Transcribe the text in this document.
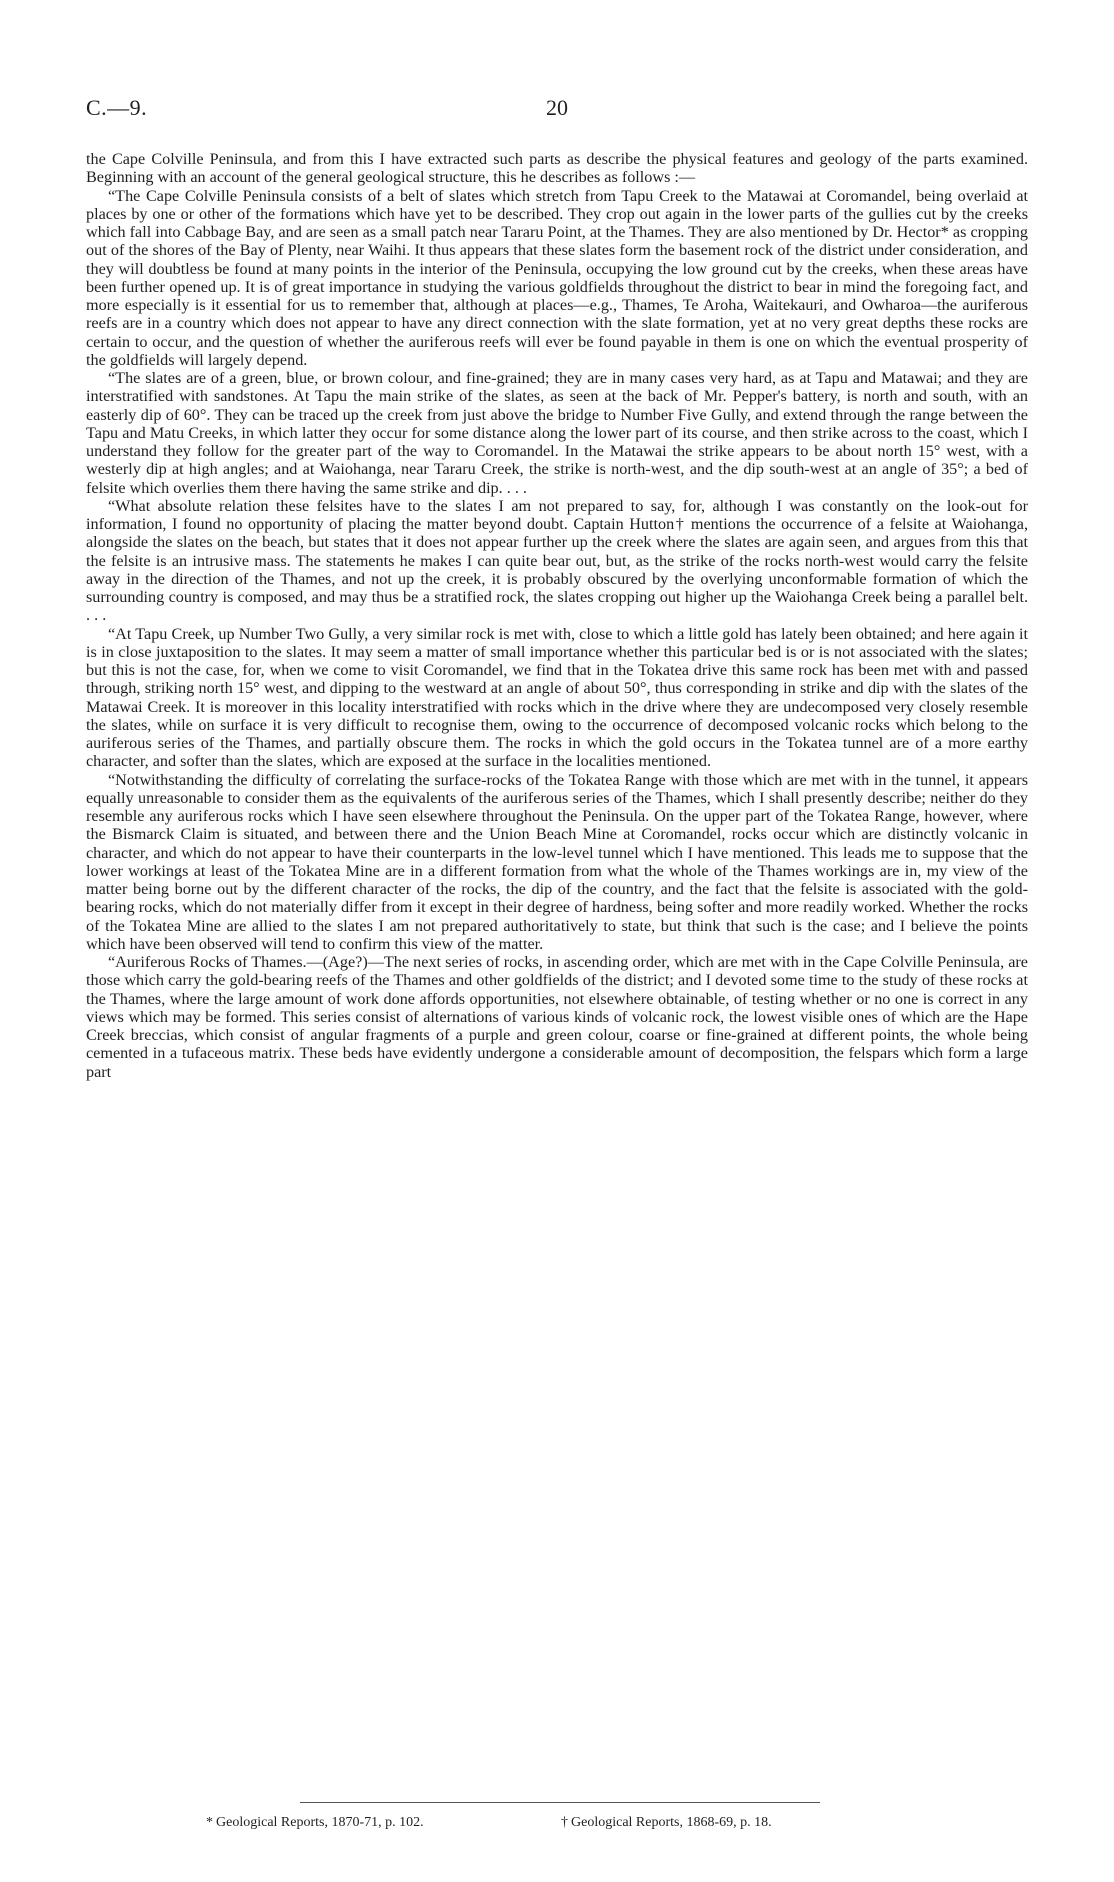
C.—9.	20

the Cape Colville Peninsula, and from this I have extracted such parts as describe the physical features and geology of the parts examined. Beginning with an account of the general geological structure, this he describes as follows :—

“The Cape Colville Peninsula consists of a belt of slates which stretch from Tapu Creek to the Matawai at Coromandel, being overlaid at places by one or other of the formations which have yet to be described. They crop out again in the lower parts of the gullies cut by the creeks which fall into Cabbage Bay, and are seen as a small patch near Tararu Point, at the Thames. They are also mentioned by Dr. Hector* as cropping out of the shores of the Bay of Plenty, near Waihi. It thus appears that these slates form the basement rock of the district under consideration, and they will doubtless be found at many points in the interior of the Peninsula, occupying the low ground cut by the creeks, when these areas have been further opened up. It is of great importance in studying the various goldfields throughout the district to bear in mind the foregoing fact, and more especially is it essential for us to remember that, although at places—e.g., Thames, Te Aroha, Waitekauri, and Owharoa—the auriferous reefs are in a country which does not appear to have any direct connection with the slate formation, yet at no very great depths these rocks are certain to occur, and the question of whether the auriferous reefs will ever be found payable in them is one on which the eventual prosperity of the goldfields will largely depend.

“The slates are of a green, blue, or brown colour, and fine-grained; they are in many cases very hard, as at Tapu and Matawai; and they are interstratified with sandstones. At Tapu the main strike of the slates, as seen at the back of Mr. Pepper's battery, is north and south, with an easterly dip of 60°. They can be traced up the creek from just above the bridge to Number Five Gully, and extend through the range between the Tapu and Matu Creeks, in which latter they occur for some distance along the lower part of its course, and then strike across to the coast, which I understand they follow for the greater part of the way to Coromandel. In the Matawai the strike appears to be about north 15° west, with a westerly dip at high angles; and at Waiohanga, near Tararu Creek, the strike is north-west, and the dip south-west at an angle of 35°; a bed of felsite which overlies them there having the same strike and dip. . . .

“What absolute relation these felsites have to the slates I am not prepared to say, for, although I was constantly on the look-out for information, I found no opportunity of placing the matter beyond doubt. Captain Hutton† mentions the occurrence of a felsite at Waiohanga, alongside the slates on the beach, but states that it does not appear further up the creek where the slates are again seen, and argues from this that the felsite is an intrusive mass. The statements he makes I can quite bear out, but, as the strike of the rocks north-west would carry the felsite away in the direction of the Thames, and not up the creek, it is probably obscured by the overlying unconformable formation of which the surrounding country is composed, and may thus be a stratified rock, the slates cropping out higher up the Waiohanga Creek being a parallel belt. . . .

“At Tapu Creek, up Number Two Gully, a very similar rock is met with, close to which a little gold has lately been obtained; and here again it is in close juxtaposition to the slates. It may seem a matter of small importance whether this particular bed is or is not associated with the slates; but this is not the case, for, when we come to visit Coromandel, we find that in the Tokatea drive this same rock has been met with and passed through, striking north 15° west, and dipping to the westward at an angle of about 50°, thus corresponding in strike and dip with the slates of the Matawai Creek. It is moreover in this locality interstratified with rocks which in the drive where they are undecomposed very closely resemble the slates, while on surface it is very difficult to recognise them, owing to the occurrence of decomposed volcanic rocks which belong to the auriferous series of the Thames, and partially obscure them. The rocks in which the gold occurs in the Tokatea tunnel are of a more earthy character, and softer than the slates, which are exposed at the surface in the localities mentioned.

“Notwithstanding the difficulty of correlating the surface-rocks of the Tokatea Range with those which are met with in the tunnel, it appears equally unreasonable to consider them as the equivalents of the auriferous series of the Thames, which I shall presently describe; neither do they resemble any auriferous rocks which I have seen elsewhere throughout the Peninsula. On the upper part of the Tokatea Range, however, where the Bismarck Claim is situated, and between there and the Union Beach Mine at Coromandel, rocks occur which are distinctly volcanic in character, and which do not appear to have their counterparts in the low-level tunnel which I have mentioned. This leads me to suppose that the lower workings at least of the Tokatea Mine are in a different formation from what the whole of the Thames workings are in, my view of the matter being borne out by the different character of the rocks, the dip of the country, and the fact that the felsite is associated with the gold-bearing rocks, which do not materially differ from it except in their degree of hardness, being softer and more readily worked. Whether the rocks of the Tokatea Mine are allied to the slates I am not prepared authoritatively to state, but think that such is the case; and I believe the points which have been observed will tend to confirm this view of the matter.

“Auriferous Rocks of Thames.—(Age?)—The next series of rocks, in ascending order, which are met with in the Cape Colville Peninsula, are those which carry the gold-bearing reefs of the Thames and other goldfields of the district; and I devoted some time to the study of these rocks at the Thames, where the large amount of work done affords opportunities, not elsewhere obtainable, of testing whether or no one is correct in any views which may be formed. This series consist of alternations of various kinds of volcanic rock, the lowest visible ones of which are the Hape Creek breccias, which consist of angular fragments of a purple and green colour, coarse or fine-grained at different points, the whole being cemented in a tufaceous matrix. These beds have evidently undergone a considerable amount of decomposition, the felspars which form a large part

* Geological Reports, 1870-71, p. 102.	† Geological Reports, 1868-69, p. 18.
